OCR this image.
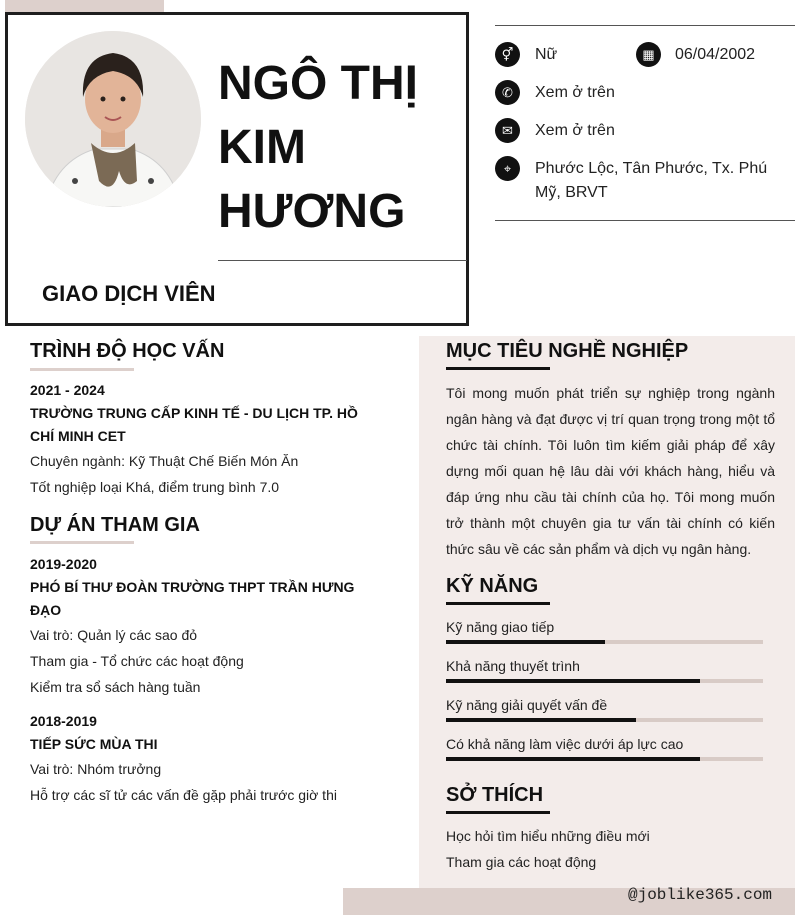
NGÔ THỊ
KIM
HƯƠNG
GIAO DỊCH VIÊN
⚥	Nữ	▦	06/04/2002
✆	Xem ở trên
✉	Xem ở trên
⌖	Phước Lộc, Tân Phước, Tx. Phú
Mỹ, BRVT
TRÌNH ĐỘ HỌC VẤN
2021 - 2024
TRƯỜNG TRUNG CẤP KINH TẾ - DU LỊCH TP. HỒ
CHÍ MINH CET
Chuyên ngành: Kỹ Thuật Chế Biến Món Ăn
Tốt nghiệp loại Khá, điểm trung bình 7.0
DỰ ÁN THAM GIA
2019-2020
PHÓ BÍ THƯ ĐOÀN TRƯỜNG THPT TRẦN HƯNG
ĐẠO
Vai trò: Quản lý các sao đỏ
Tham gia - Tổ chức các hoạt động
Kiểm tra sổ sách hàng tuần
2018-2019
TIẾP SỨC MÙA THI
Vai trò: Nhóm trưởng
Hỗ trợ các sĩ tử các vấn đề gặp phải trước giờ thi
MỤC TIÊU NGHỀ NGHIỆP
Tôi mong muốn phát triển sự nghiệp trong ngành ngân hàng và đạt được vị trí quan trọng trong một tổ chức tài chính. Tôi luôn tìm kiếm giải pháp để xây dựng mối quan hệ lâu dài với khách hàng, hiểu và đáp ứng nhu cầu tài chính của họ. Tôi mong muốn trở thành một chuyên gia tư vấn tài chính có kiến thức sâu về các sản phẩm và dịch vụ ngân hàng.
KỸ NĂNG
Kỹ năng giao tiếp
Khả năng thuyết trình
Kỹ năng giải quyết vấn đề
Có khả năng làm việc dưới áp lực cao
SỞ THÍCH
Học hỏi tìm hiểu những điều mới
Tham gia các hoạt động
@joblike365.com
